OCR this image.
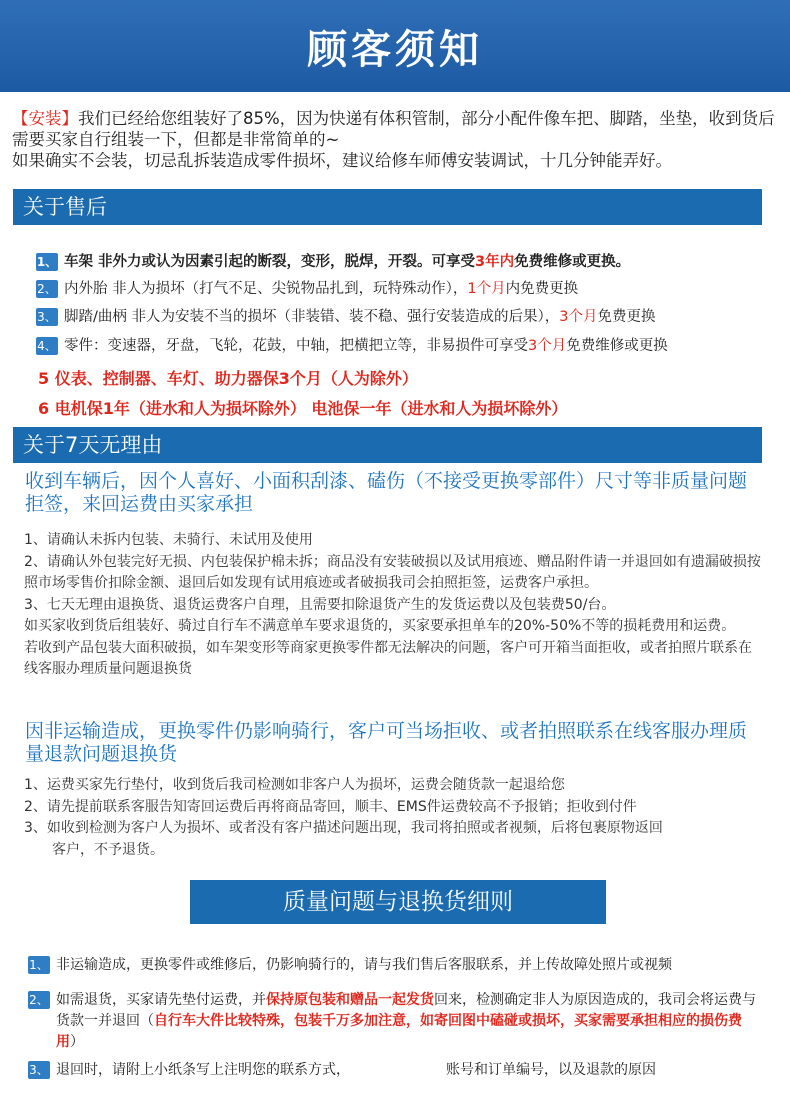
顾客须知
【安装】我们已经给您组装好了85%，因为快递有体积管制，部分小配件像车把、脚踏，坐垫，收到货后需要买家自行组装一下，但都是非常简单的~
如果确实不会装，切忌乱拆装造成零件损坏，建议给修车师傅安装调试，十几分钟能弄好。
关于售后
1、 车架 非外力或认为因素引起的断裂，变形，脱焊，开裂。可享受 3年内 免费维修或更换。
2、 内外胎 非人为损坏（打气不足、尖锐物品扎到，玩特殊动作）， 1个月 内免费更换
3、 脚踏/曲柄 非人为安装不当的损坏（非装错、装不稳、强行安装造成的后果）， 3个月 免费更换
4、 零件：变速器，牙盘，飞轮，花鼓，中轴，把横把立等，非易损件可享受 3个月 免费维修或更换
5 仪表、控制器、车灯、助力器保3个月（人为除外）
6 电机保1年（进水和人为损坏除外） 电池保一年（进水和人为损坏除外）
关于7天无理由
收到车辆后，因个人喜好、小面积刮漆、磕伤（不接受更换零部件）尺寸等非质量问题拒签，来回运费由买家承担

1、请确认未拆内包装、未骑行、未试用及使用

2、请确认外包装完好无损、内包装保护棉未拆；商品没有安装破损以及试用痕迹、赠品附件请一并退回如有遗漏破损按照市场零售价扣除金额、退回后如发现有试用痕迹或者破损我司会拍照拒签，运费客户承担。

3、七天无理由退换货、退货运费客户自理，且需要扣除退货产生的发货运费以及包装费50/台。

如买家收到货后组装好、骑过自行车不满意单车要求退货的，买家要承担单车的20%-50%不等的损耗费用和运费。

若收到产品包装大面积破损，如车架变形等商家更换零件都无法解决的问题，客户可开箱当面拒收，或者拍照片联系在线客服办理质量问题退换货

因非运输造成，更换零件仍影响骑行，客户可当场拒收、或者拍照联系在线客服办理质量退款问题退换货

1、运费买家先行垫付，收到货后我司检测如非客户人为损坏，运费会随货款一起退给您

2、请先提前联系客服告知寄回运费后再将商品寄回，顺丰、EMS件运费较高不予报销；拒收到付件

3、如收到检测为客户人为损坏、或者没有客户描述问题出现，我司将拍照或者视频，后将包裹原物返回

客户，不予退货。

质量问题与退换货细则
1、 非运输造成，更换零件或维修后，仍影响骑行的，请与我们售后客服联系，并上传故障处照片或视频
2、 如需退货，买家请先垫付运费，并保持原包装和赠品一起发货回来，检测确定非人为原因造成的，我司会将运费与货款一并退回（自行车大件比较特殊，包装千万多加注意，如寄回图中磕碰或损坏，买家需要承担相应的损伤费用）
3、 退回时，请附上小纸条写上注明您的联系方式，	账号和订单编号，以及退款的原因
